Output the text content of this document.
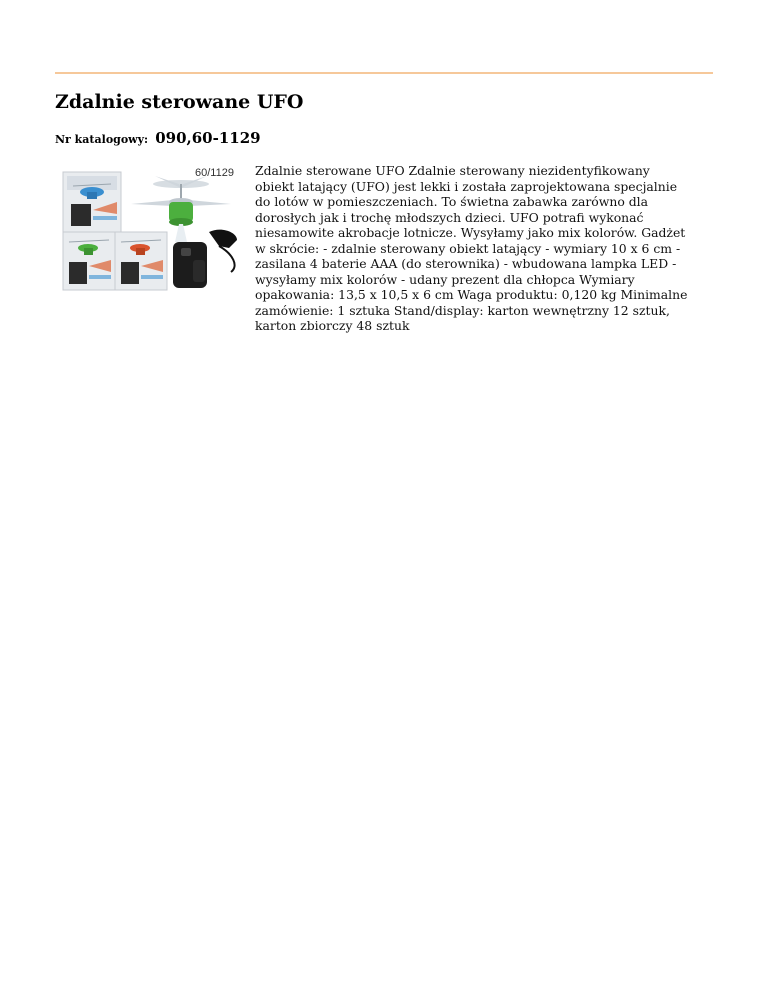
Zdalnie sterowane UFO
Nr katalogowy: 090,60-1129
60/1129 Zdalnie sterowane UFO Zdalnie sterowany niezidentyfikowany
obiekt latający (UFO) jest lekki i została zaprojektowana specjalnie
do lotów w pomieszczeniach. To świetna zabawka zarówno dla
dorosłych jak i trochę młodszych dzieci. UFO potrafi wykonać
niesamowite akrobacje lotnicze. Wysyłamy jako mix kolorów. Gadżet
w skrócie: - zdalnie sterowany obiekt latający - wymiary 10 x 6 cm -
zasilana 4 baterie AAA (do sterownika) - wbudowana lampka LED -
wysyłamy mix kolorów - udany prezent dla chłopca Wymiary
opakowania: 13,5 x 10,5 x 6 cm Waga produktu: 0,120 kg Minimalne
zamówienie: 1 sztuka Stand/display: karton wewnętrzny 12 sztuk,
karton zbiorczy 48 sztuk
